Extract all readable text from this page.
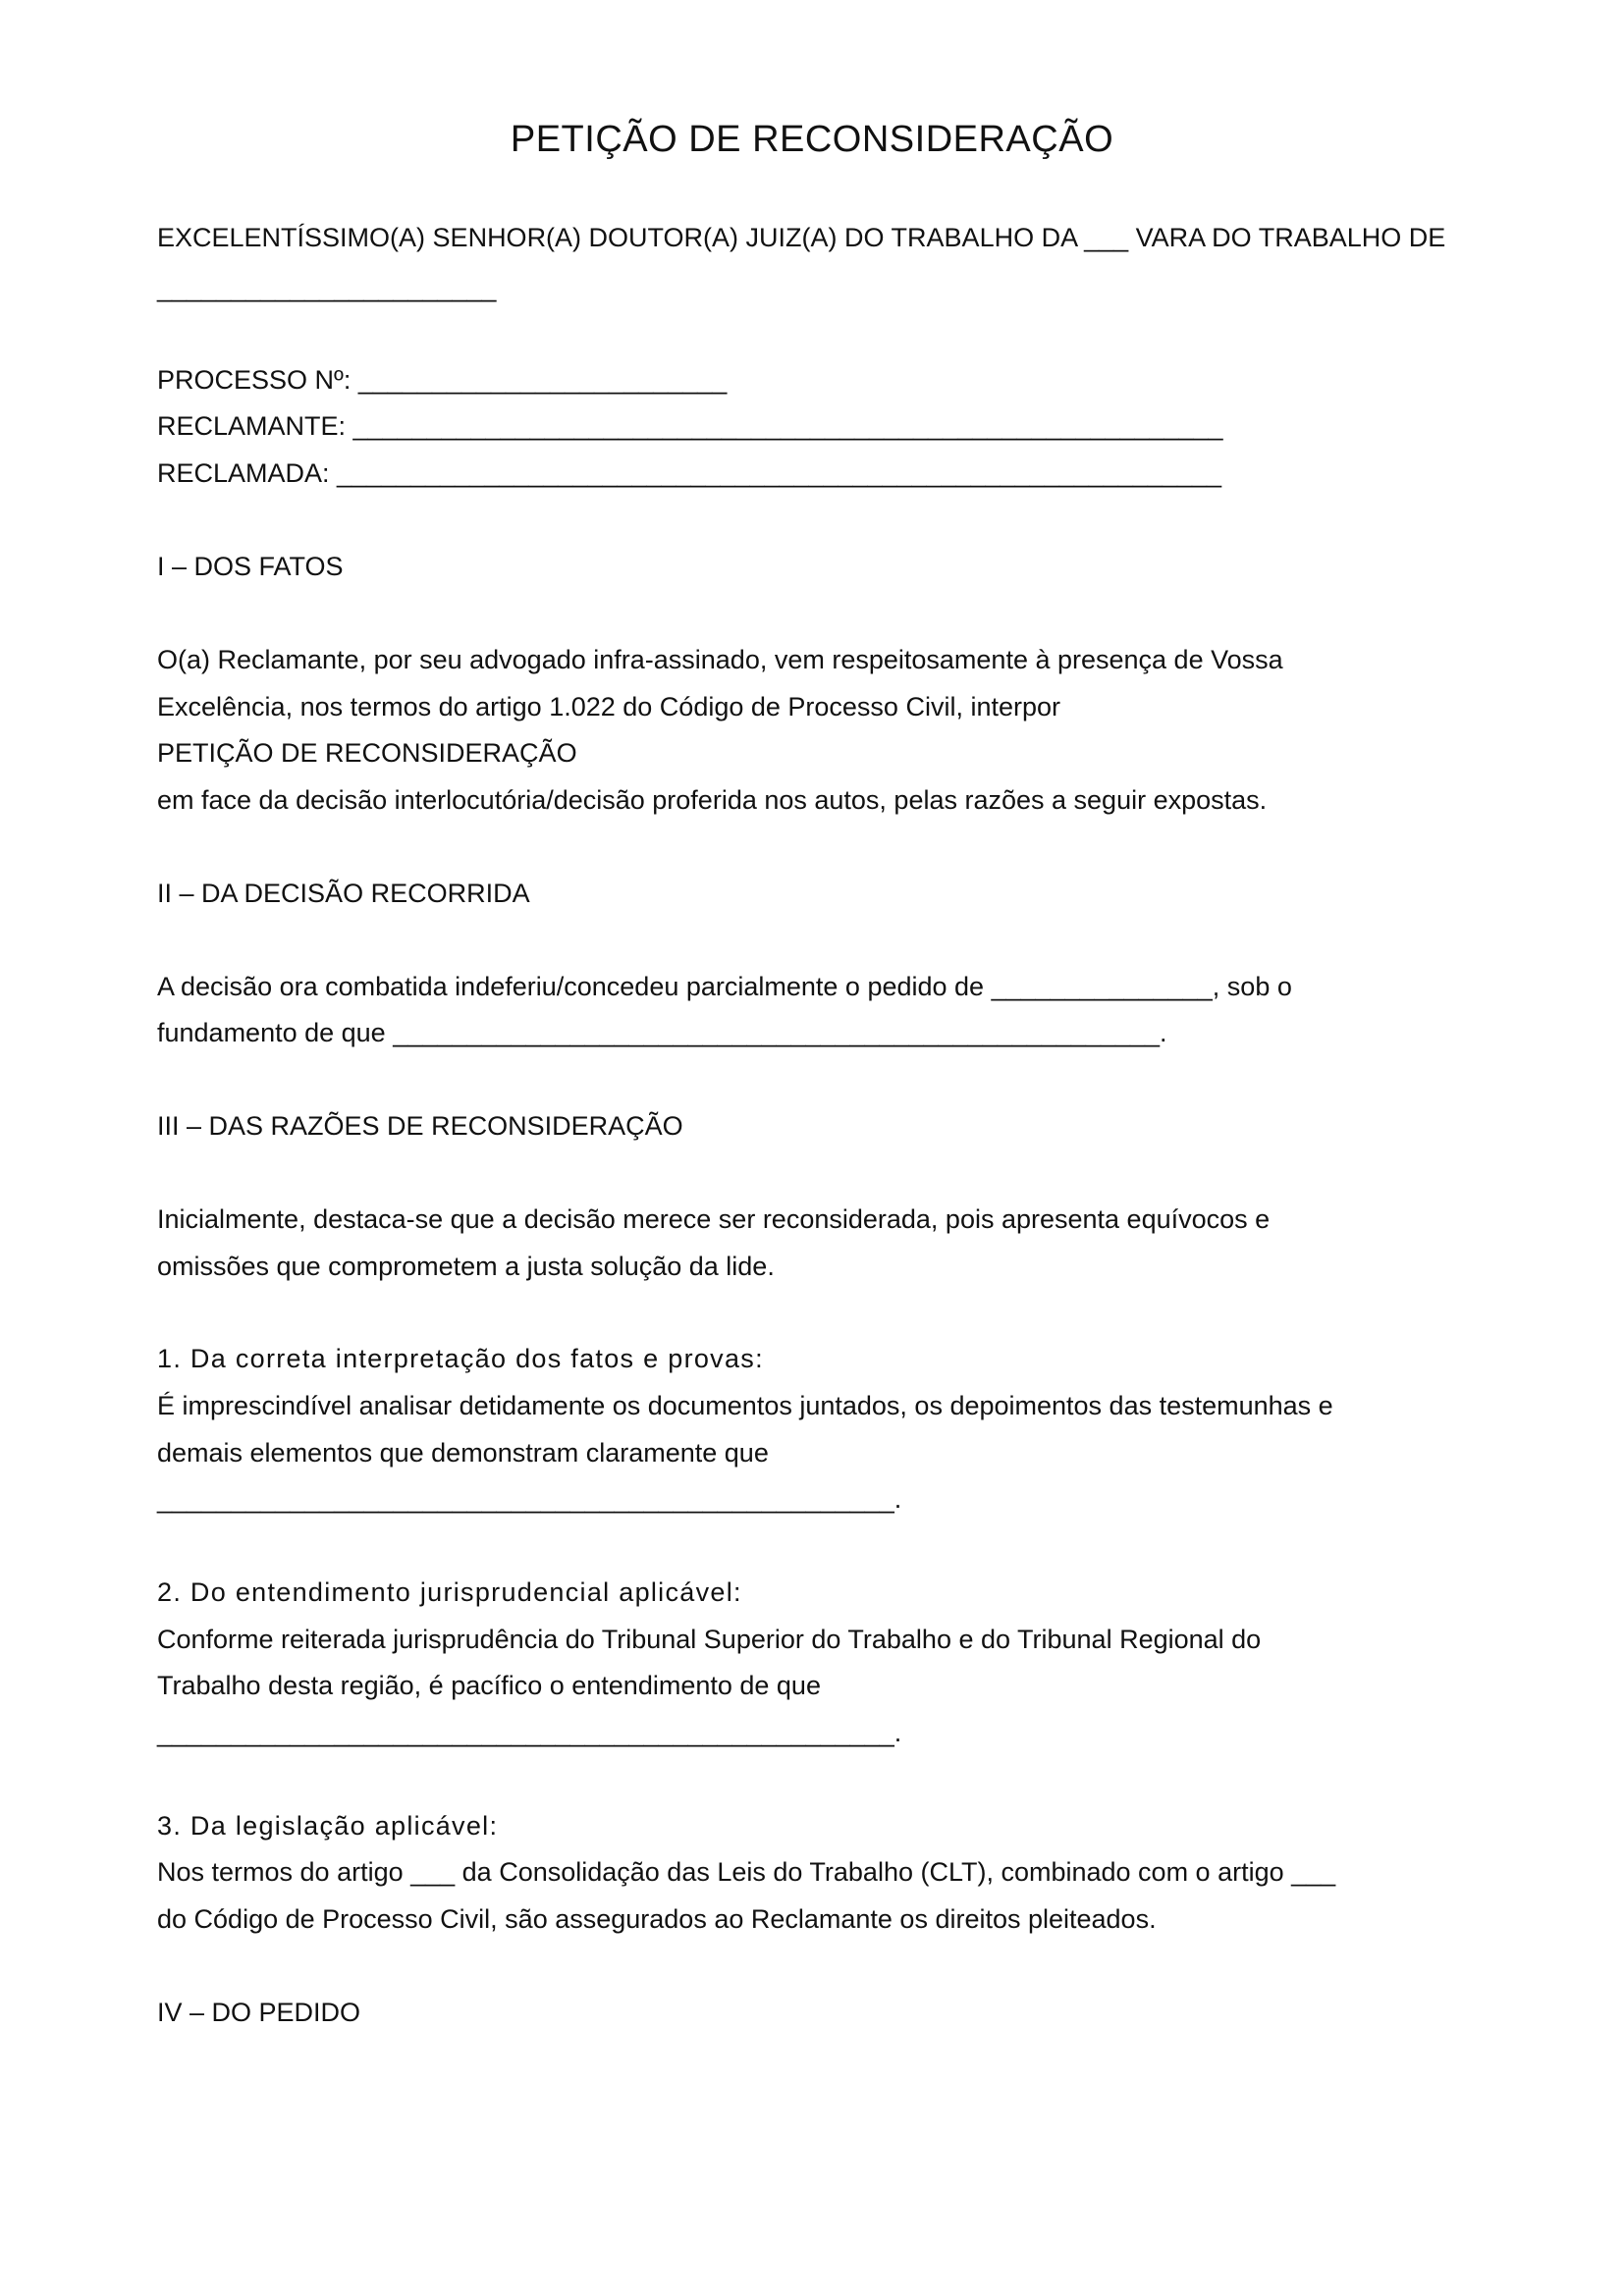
PETIÇÃO DE RECONSIDERAÇÃO
EXCELENTÍSSIMO(A) SENHOR(A) DOUTOR(A) JUIZ(A) DO TRABALHO DA ___ VARA DO TRABALHO DE
_______________________
PROCESSO Nº: _________________________
RECLAMANTE: ___________________________________________________________
RECLAMADA: ____________________________________________________________
I – DOS FATOS
O(a) Reclamante, por seu advogado infra-assinado, vem respeitosamente à presença de Vossa
Excelência, nos termos do artigo 1.022 do Código de Processo Civil, interpor
PETIÇÃO DE RECONSIDERAÇÃO
em face da decisão interlocutória/decisão proferida nos autos, pelas razões a seguir expostas.
II – DA DECISÃO RECORRIDA
A decisão ora combatida indeferiu/concedeu parcialmente o pedido de _______________, sob o
fundamento de que ____________________________________________________.
III – DAS RAZÕES DE RECONSIDERAÇÃO
Inicialmente, destaca-se que a decisão merece ser reconsiderada, pois apresenta equívocos e
omissões que comprometem a justa solução da lide.
1. Da correta interpretação dos fatos e provas:
É imprescindível analisar detidamente os documentos juntados, os depoimentos das testemunhas e
demais elementos que demonstram claramente que
__________________________________________________.
2. Do entendimento jurisprudencial aplicável:
Conforme reiterada jurisprudência do Tribunal Superior do Trabalho e do Tribunal Regional do
Trabalho desta região, é pacífico o entendimento de que
__________________________________________________.
3. Da legislação aplicável:
Nos termos do artigo ___ da Consolidação das Leis do Trabalho (CLT), combinado com o artigo ___
do Código de Processo Civil, são assegurados ao Reclamante os direitos pleiteados.
IV – DO PEDIDO
